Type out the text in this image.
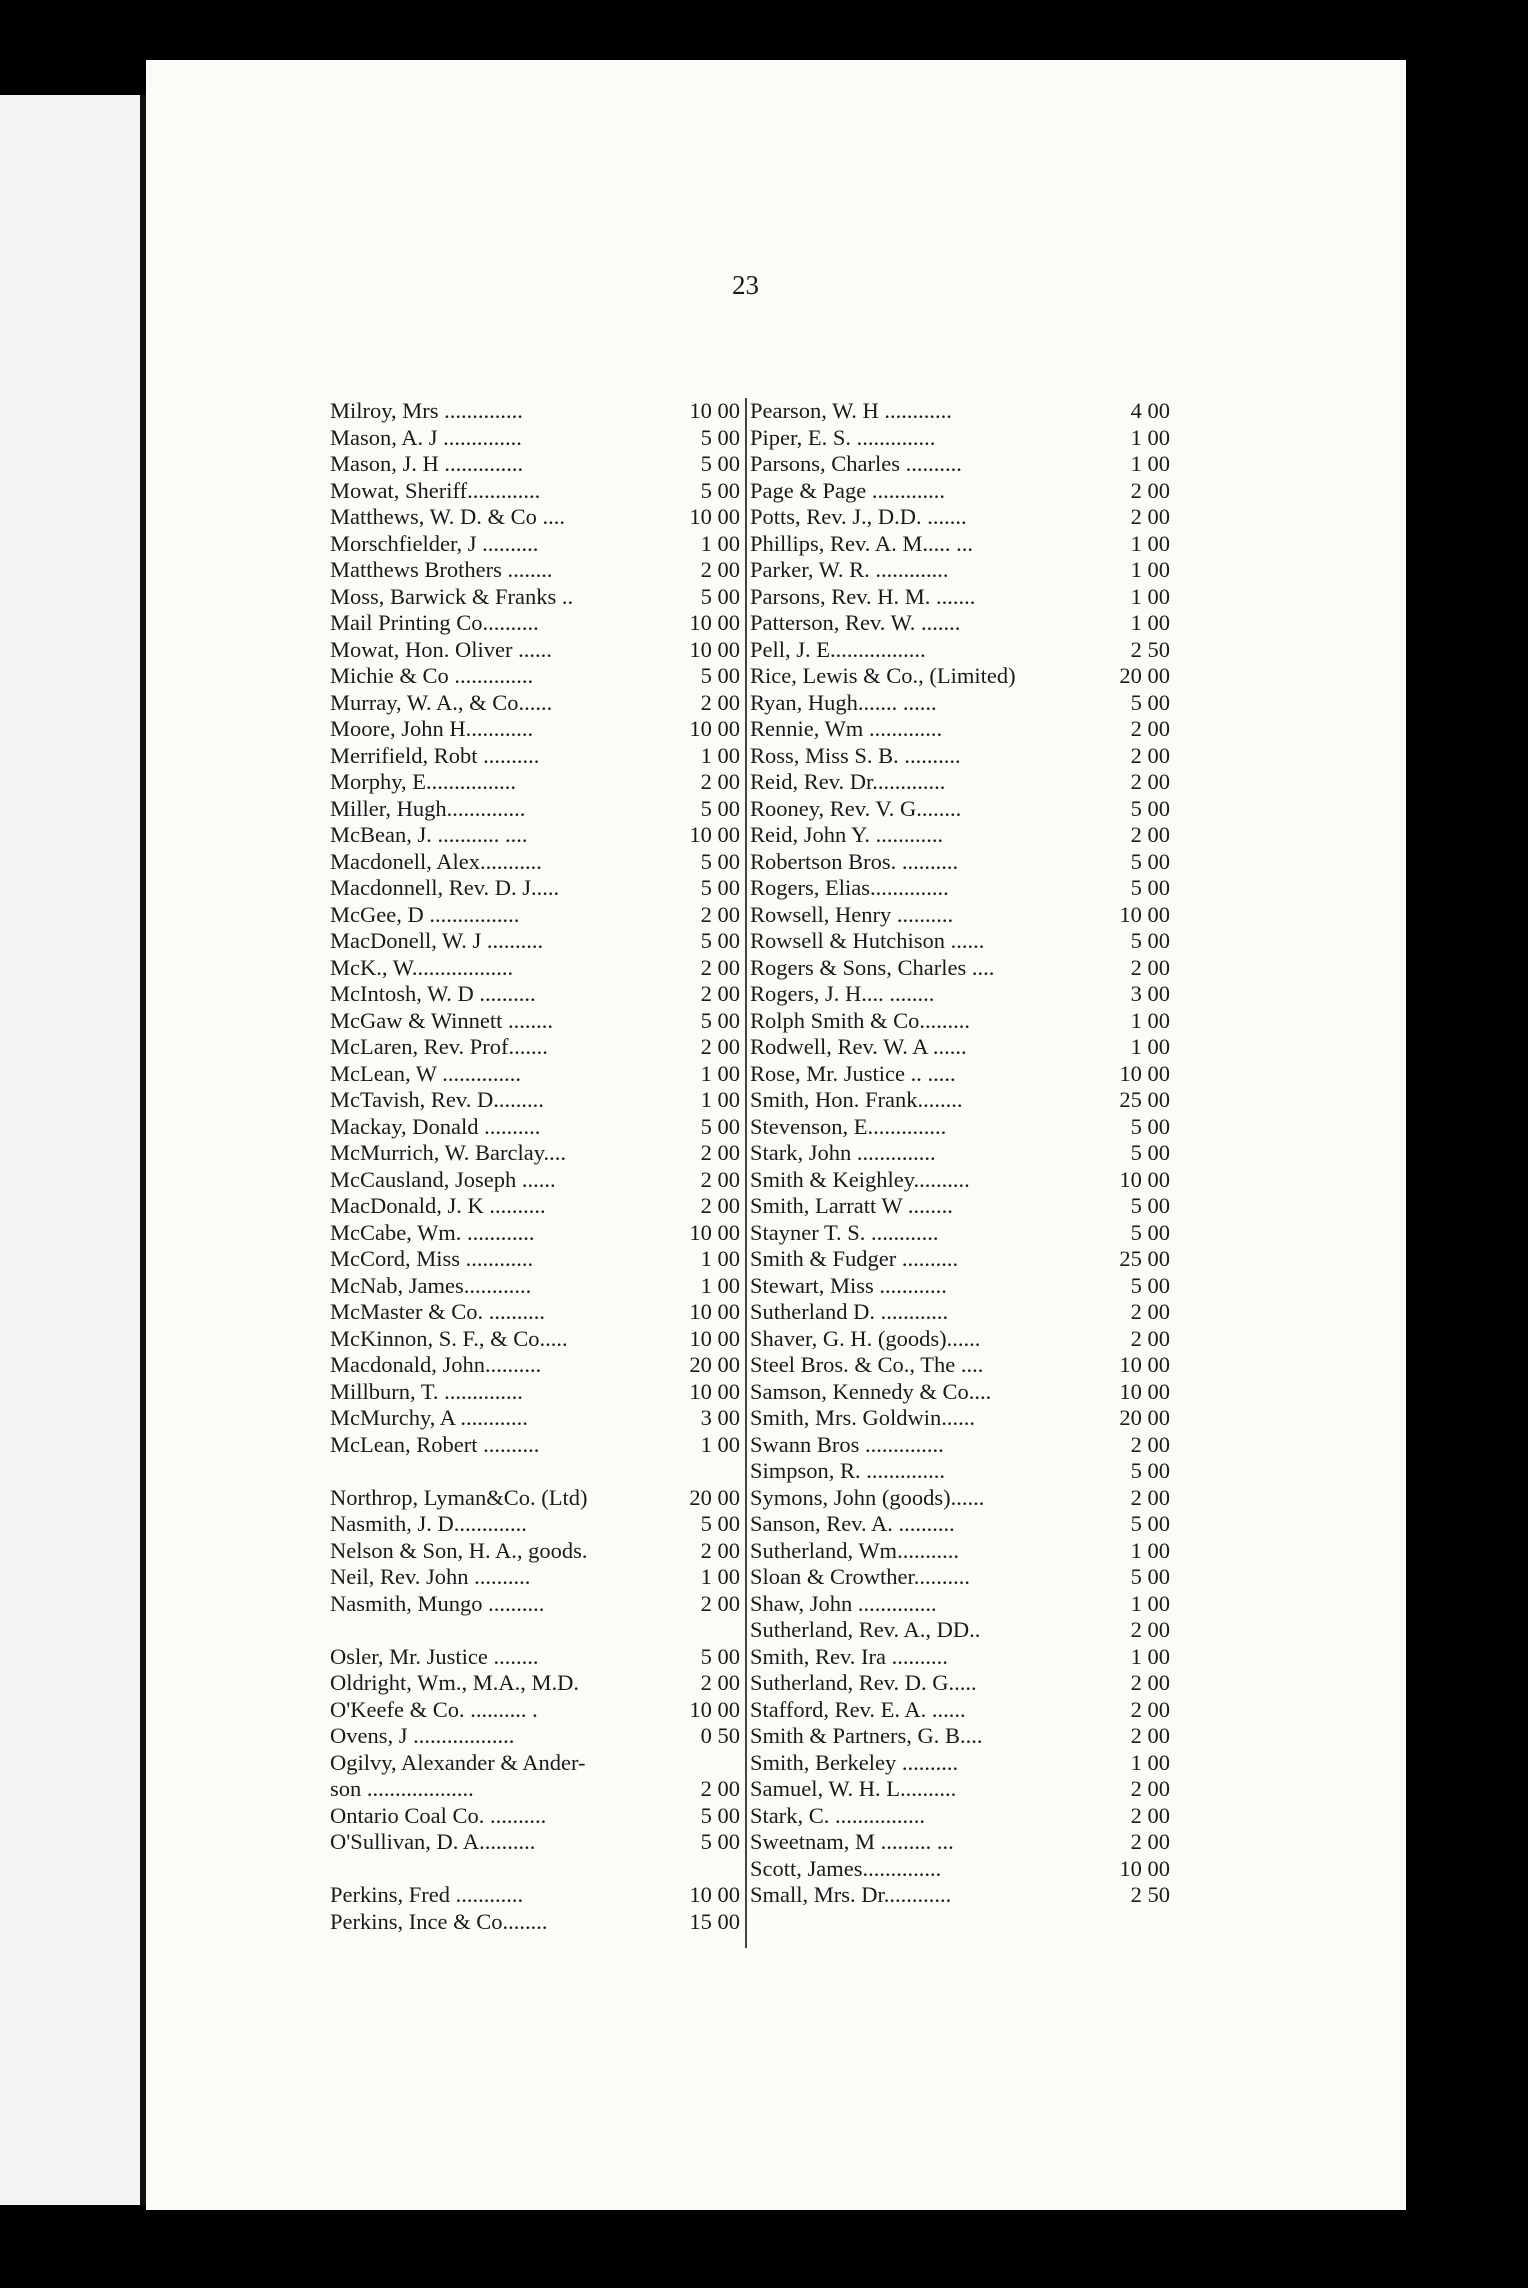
23
Milroy, Mrs ..............	10 00
Mason, A. J ..............	5 00
Mason, J. H ..............	5 00
Mowat, Sheriff.............	5 00
Matthews, W. D. & Co ....	10 00
Morschfielder, J ..........	1 00
Matthews Brothers ........	2 00
Moss, Barwick & Franks ..	5 00
Mail Printing Co..........	10 00
Mowat, Hon. Oliver ......	10 00
Michie & Co ..............	5 00
Murray, W. A., & Co......	2 00
Moore, John H............	10 00
Merrifield, Robt ..........	1 00
Morphy, E................	2 00
Miller, Hugh..............	5 00
McBean, J. ........... ....	10 00
Macdonell, Alex...........	5 00
Macdonnell, Rev. D. J.....	5 00
McGee, D ................	2 00
MacDonell, W. J ..........	5 00
McK., W..................	2 00
McIntosh, W. D ..........	2 00
McGaw & Winnett ........	5 00
McLaren, Rev. Prof.......	2 00
McLean, W ..............	1 00
McTavish, Rev. D.........	1 00
Mackay, Donald ..........	5 00
McMurrich, W. Barclay....	2 00
McCausland, Joseph ......	2 00
MacDonald, J. K ..........	2 00
McCabe, Wm. ............	10 00
McCord, Miss ............	1 00
McNab, James............	1 00
McMaster & Co. ..........	10 00
McKinnon, S. F., & Co.....	10 00
Macdonald, John..........	20 00
Millburn, T. ..............	10 00
McMurchy, A ............	3 00
McLean, Robert ..........	1 00
Northrop, Lyman&Co. (Ltd)	20 00
Nasmith, J. D.............	5 00
Nelson & Son, H. A., goods.	2 00
Neil, Rev. John ..........	1 00
Nasmith, Mungo ..........	2 00
Osler, Mr. Justice ........	5 00
Oldright, Wm., M.A., M.D.	2 00
O'Keefe & Co. .......... .	10 00
Ovens, J ..................	0 50
Ogilvy, Alexander & Ander-
son ...................	2 00
Ontario Coal Co. ..........	5 00
O'Sullivan, D. A..........	5 00
Perkins, Fred ............	10 00
Perkins, Ince & Co........	15 00
Pearson, W. H ............	4 00
Piper, E. S. ..............	1 00
Parsons, Charles ..........	1 00
Page & Page .............	2 00
Potts, Rev. J., D.D. .......	2 00
Phillips, Rev. A. M..... ...	1 00
Parker, W. R. .............	1 00
Parsons, Rev. H. M. .......	1 00
Patterson, Rev. W. .......	1 00
Pell, J. E.................	2 50
Rice, Lewis & Co., (Limited)	20 00
Ryan, Hugh....... ......	5 00
Rennie, Wm .............	2 00
Ross, Miss S. B. ..........	2 00
Reid, Rev. Dr.............	2 00
Rooney, Rev. V. G........	5 00
Reid, John Y. ............	2 00
Robertson Bros. ..........	5 00
Rogers, Elias..............	5 00
Rowsell, Henry ..........	10 00
Rowsell & Hutchison ......	5 00
Rogers & Sons, Charles ....	2 00
Rogers, J. H.... ........	3 00
Rolph Smith & Co.........	1 00
Rodwell, Rev. W. A ......	1 00
Rose, Mr. Justice .. .....	10 00
Smith, Hon. Frank........	25 00
Stevenson, E..............	5 00
Stark, John ..............	5 00
Smith & Keighley..........	10 00
Smith, Larratt W ........	5 00
Stayner T. S. ............	5 00
Smith & Fudger ..........	25 00
Stewart, Miss ............	5 00
Sutherland D. ............	2 00
Shaver, G. H. (goods)......	2 00
Steel Bros. & Co., The ....	10 00
Samson, Kennedy & Co....	10 00
Smith, Mrs. Goldwin......	20 00
Swann Bros ..............	2 00
Simpson, R. ..............	5 00
Symons, John (goods)......	2 00
Sanson, Rev. A. ..........	5 00
Sutherland, Wm...........	1 00
Sloan & Crowther..........	5 00
Shaw, John ..............	1 00
Sutherland, Rev. A., DD..	2 00
Smith, Rev. Ira ..........	1 00
Sutherland, Rev. D. G.....	2 00
Stafford, Rev. E. A. ......	2 00
Smith & Partners, G. B....	2 00
Smith, Berkeley ..........	1 00
Samuel, W. H. L..........	2 00
Stark, C. ................	2 00
Sweetnam, M ......... ...	2 00
Scott, James..............	10 00
Small, Mrs. Dr............	2 50
